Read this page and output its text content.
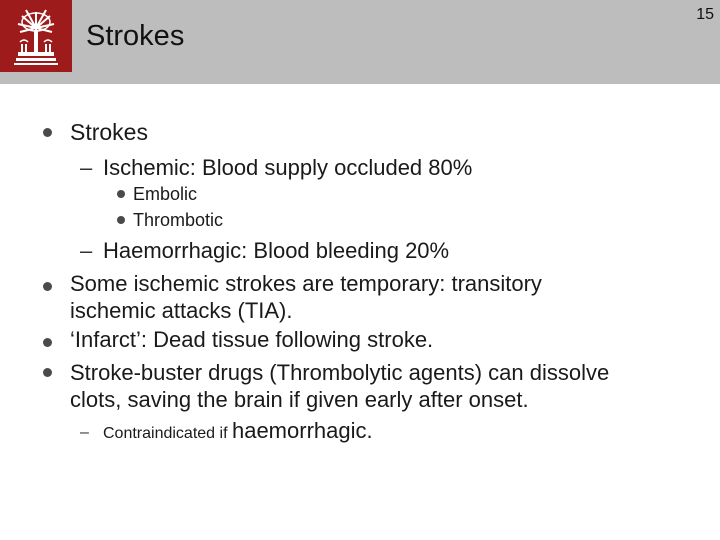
Strokes
15
Strokes
– Ischemic: Blood supply occluded 80%
Embolic
Thrombotic
– Haemorrhagic: Blood bleeding 20%
Some ischemic strokes are temporary: transitory
ischemic attacks (TIA).
‘Infarct’: Dead tissue following stroke.
Stroke-buster drugs (Thrombolytic agents) can dissolve
clots, saving the brain if given early after onset.
– Contraindicated if haemorrhagic.
